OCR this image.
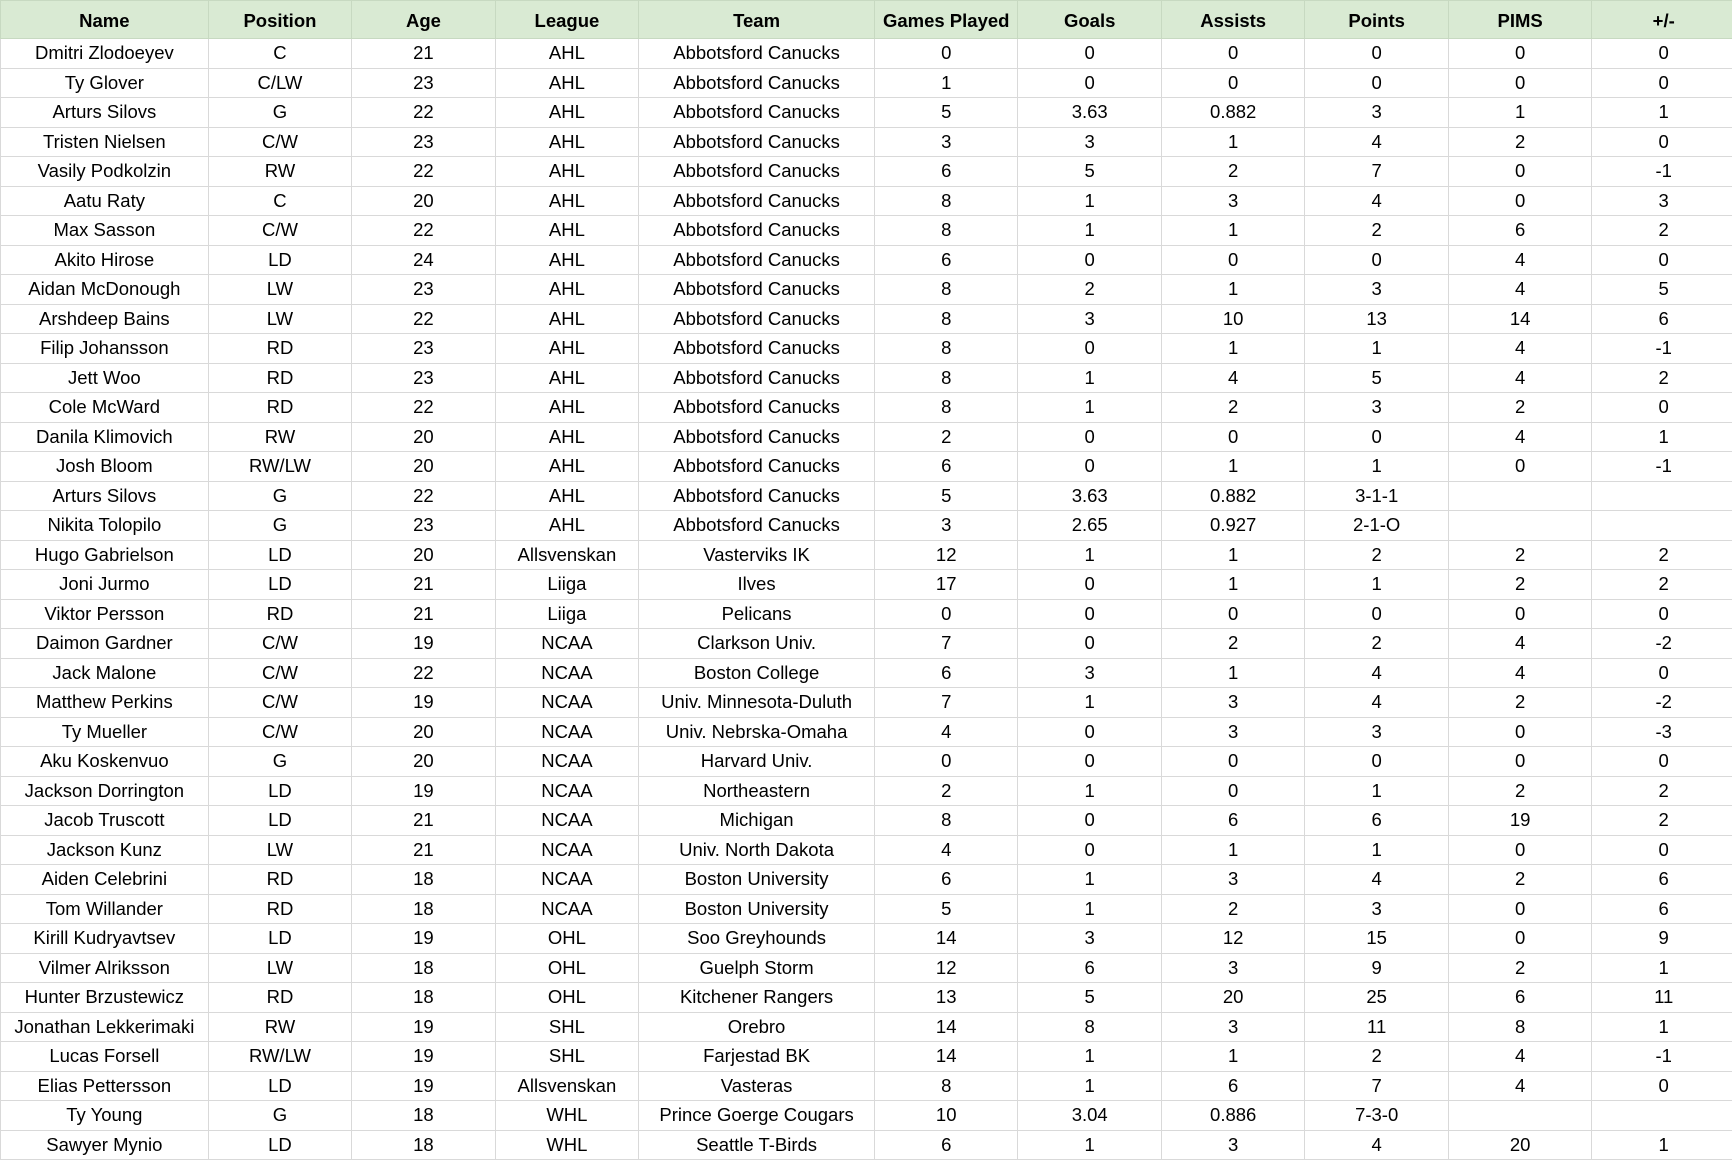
Name	Position	Age	League	Team	Games Played	Goals	Assists	Points	PIMS	+/-
Dmitri Zlodoeyev	C	21	AHL	Abbotsford Canucks	0	0	0	0	0	0
Ty Glover	C/LW	23	AHL	Abbotsford Canucks	1	0	0	0	0	0
Arturs Silovs	G	22	AHL	Abbotsford Canucks	5	3.63	0.882	3	1	1
Tristen Nielsen	C/W	23	AHL	Abbotsford Canucks	3	3	1	4	2	0
Vasily Podkolzin	RW	22	AHL	Abbotsford Canucks	6	5	2	7	0	-1
Aatu Raty	C	20	AHL	Abbotsford Canucks	8	1	3	4	0	3
Max Sasson	C/W	22	AHL	Abbotsford Canucks	8	1	1	2	6	2
Akito Hirose	LD	24	AHL	Abbotsford Canucks	6	0	0	0	4	0
Aidan McDonough	LW	23	AHL	Abbotsford Canucks	8	2	1	3	4	5
Arshdeep Bains	LW	22	AHL	Abbotsford Canucks	8	3	10	13	14	6
Filip Johansson	RD	23	AHL	Abbotsford Canucks	8	0	1	1	4	-1
Jett Woo	RD	23	AHL	Abbotsford Canucks	8	1	4	5	4	2
Cole McWard	RD	22	AHL	Abbotsford Canucks	8	1	2	3	2	0
Danila Klimovich	RW	20	AHL	Abbotsford Canucks	2	0	0	0	4	1
Josh Bloom	RW/LW	20	AHL	Abbotsford Canucks	6	0	1	1	0	-1
Arturs Silovs	G	22	AHL	Abbotsford Canucks	5	3.63	0.882	3-1-1		
Nikita Tolopilo	G	23	AHL	Abbotsford Canucks	3	2.65	0.927	2-1-O		
Hugo Gabrielson	LD	20	Allsvenskan	Vasterviks IK	12	1	1	2	2	2
Joni Jurmo	LD	21	Liiga	Ilves	17	0	1	1	2	2
Viktor Persson	RD	21	Liiga	Pelicans	0	0	0	0	0	0
Daimon Gardner	C/W	19	NCAA	Clarkson Univ.	7	0	2	2	4	-2
Jack Malone	C/W	22	NCAA	Boston College	6	3	1	4	4	0
Matthew Perkins	C/W	19	NCAA	Univ. Minnesota-Duluth	7	1	3	4	2	-2
Ty Mueller	C/W	20	NCAA	Univ. Nebrska-Omaha	4	0	3	3	0	-3
Aku Koskenvuo	G	20	NCAA	Harvard Univ.	0	0	0	0	0	0
Jackson Dorrington	LD	19	NCAA	Northeastern	2	1	0	1	2	2
Jacob Truscott	LD	21	NCAA	Michigan	8	0	6	6	19	2
Jackson Kunz	LW	21	NCAA	Univ. North Dakota	4	0	1	1	0	0
Aiden Celebrini	RD	18	NCAA	Boston University	6	1	3	4	2	6
Tom Willander	RD	18	NCAA	Boston University	5	1	2	3	0	6
Kirill Kudryavtsev	LD	19	OHL	Soo Greyhounds	14	3	12	15	0	9
Vilmer Alriksson	LW	18	OHL	Guelph Storm	12	6	3	9	2	1
Hunter Brzustewicz	RD	18	OHL	Kitchener Rangers	13	5	20	25	6	11
Jonathan Lekkerimaki	RW	19	SHL	Orebro	14	8	3	11	8	1
Lucas Forsell	RW/LW	19	SHL	Farjestad BK	14	1	1	2	4	-1
Elias Pettersson	LD	19	Allsvenskan	Vasteras	8	1	6	7	4	0
Ty Young	G	18	WHL	Prince Goerge Cougars	10	3.04	0.886	7-3-0		
Sawyer Mynio	LD	18	WHL	Seattle T-Birds	6	1	3	4	20	1
